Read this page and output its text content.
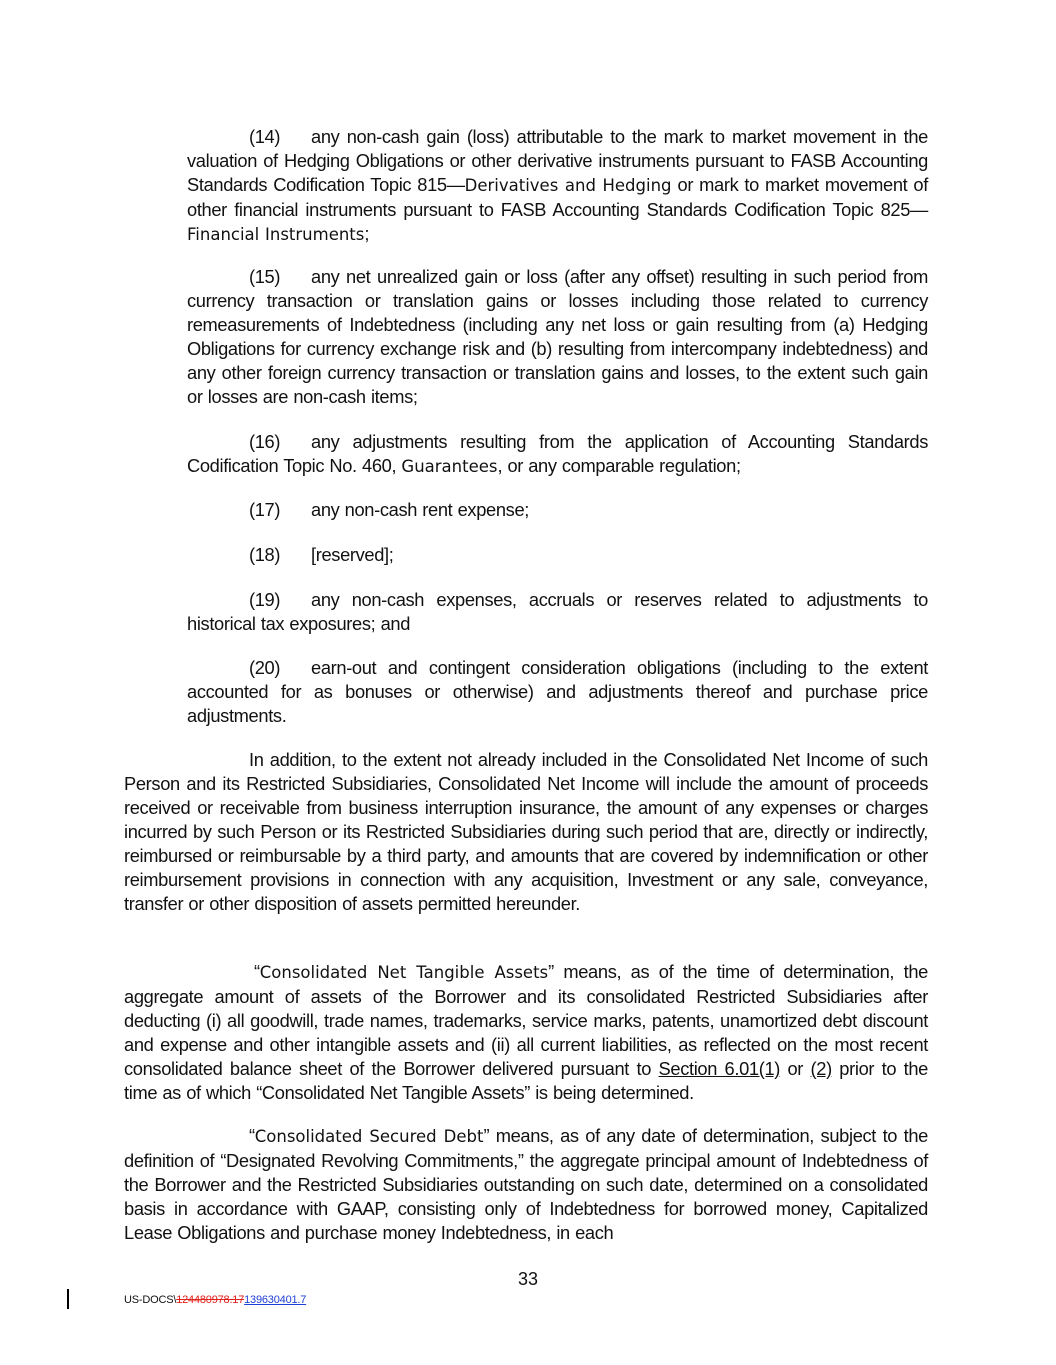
(14) any non-cash gain (loss) attributable to the mark to market movement in the valuation of Hedging Obligations or other derivative instruments pursuant to FASB Accounting Standards Codification Topic 815—Derivatives and Hedging or mark to market movement of other financial instruments pursuant to FASB Accounting Standards Codification Topic 825—Financial Instruments;
(15) any net unrealized gain or loss (after any offset) resulting in such period from currency transaction or translation gains or losses including those related to currency remeasurements of Indebtedness (including any net loss or gain resulting from (a) Hedging Obligations for currency exchange risk and (b) resulting from intercompany indebtedness) and any other foreign currency transaction or translation gains and losses, to the extent such gain or losses are non-cash items;
(16) any adjustments resulting from the application of Accounting Standards Codification Topic No. 460, Guarantees, or any comparable regulation;
(17) any non-cash rent expense;
(18) [reserved];
(19) any non-cash expenses, accruals or reserves related to adjustments to historical tax exposures; and
(20) earn-out and contingent consideration obligations (including to the extent accounted for as bonuses or otherwise) and adjustments thereof and purchase price adjustments.
In addition, to the extent not already included in the Consolidated Net Income of such Person and its Restricted Subsidiaries, Consolidated Net Income will include the amount of proceeds received or receivable from business interruption insurance, the amount of any expenses or charges incurred by such Person or its Restricted Subsidiaries during such period that are, directly or indirectly, reimbursed or reimbursable by a third party, and amounts that are covered by indemnification or other reimbursement provisions in connection with any acquisition, Investment or any sale, conveyance, transfer or other disposition of assets permitted hereunder.
“Consolidated Net Tangible Assets” means, as of the time of determination, the aggregate amount of assets of the Borrower and its consolidated Restricted Subsidiaries after deducting (i) all goodwill, trade names, trademarks, service marks, patents, unamortized debt discount and expense and other intangible assets and (ii) all current liabilities, as reflected on the most recent consolidated balance sheet of the Borrower delivered pursuant to Section 6.01(1) or (2) prior to the time as of which “Consolidated Net Tangible Assets” is being determined.
“Consolidated Secured Debt” means, as of any date of determination, subject to the definition of “Designated Revolving Commitments,” the aggregate principal amount of Indebtedness of the Borrower and the Restricted Subsidiaries outstanding on such date, determined on a consolidated basis in accordance with GAAP, consisting only of Indebtedness for borrowed money, Capitalized Lease Obligations and purchase money Indebtedness, in each
33
US-DOCS\124480978.17139630401.7
